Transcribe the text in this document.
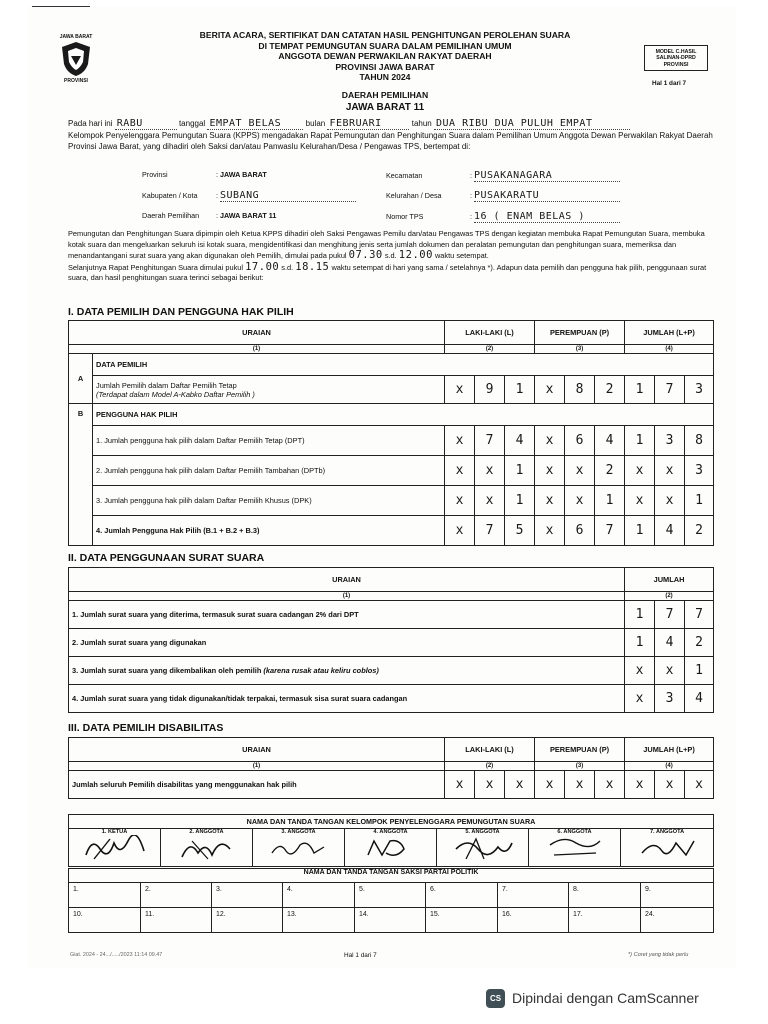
JAWA BARAT
PROVINSI
BERITA ACARA, SERTIFIKAT DAN CATATAN HASIL PENGHITUNGAN PEROLEHAN SUARA
DI TEMPAT PEMUNGUTAN SUARA DALAM PEMILIHAN UMUM
ANGGOTA DEWAN PERWAKILAN RAKYAT DAERAH
PROVINSI JAWA BARAT
TAHUN 2024
DAERAH PEMILIHAN
JAWA BARAT 11
MODEL C.HASIL
SALINAN-DPRD
PROVINSI
Hal 1 dari 7
Pada hari ini RABU	tanggal EMPAT BELAS	bulan FEBRUARI	tahun DUA RIBU DUA PULUH EMPAT
Kelompok Penyelenggara Pemungutan Suara (KPPS) mengadakan Rapat Pemungutan dan Penghitungan Suara dalam Pemilihan Umum Anggota Dewan Perwakilan Rakyat Daerah Provinsi Jawa Barat, yang dihadiri oleh Saksi dan/atau Panwaslu Kelurahan/Desa / Pengawas TPS, bertempat di:
Provinsi	: JAWA BARAT
Kabupaten / Kota	: SUBANG
Daerah Pemilihan : JAWA BARAT 11
Kecamatan	: PUSAKANAGARA
Kelurahan / Desa	: PUSAKARATU
Nomor TPS	: 16 ( ENAM BELAS )
Pemungutan dan Penghitungan Suara dipimpin oleh Ketua KPPS dihadiri oleh Saksi Pengawas Pemilu dan/atau Pengawas TPS dengan kegiatan membuka Rapat Pemungutan Suara, membuka kotak suara dan mengeluarkan seluruh isi kotak suara, mengidentifikasi dan menghitung jenis serta jumlah dokumen dan peralatan pemungutan dan penghitungan suara, memeriksa dan menandantangani surat suara yang akan digunakan oleh Pemilih, dimulai pada pukul 07.30 s.d. 12.00 waktu setempat.
Selanjutnya Rapat Penghitungan Suara dimulai pukul 17.00 s.d. 18.15 waktu setempat di hari yang sama / setelahnya *). Adapun data pemilih dan pengguna hak pilih, penggunaan surat suara, dan hasil penghitungan suara terinci sebagai berikut:
I. DATA PEMILIH DAN PENGGUNA HAK PILIH
URAIAN		LAKI-LAKI (L)			PEREMPUAN (P)			JUMLAH (L+P)		
(1)		(2)			(3)			(4)		
A	DATA PEMILIH									

	Jumlah Pemilih dalam Daftar Pemilih Tetap
(Terdapat dalam Model A-Kabko Daftar Pemilih )	x	9	1	x	8	2	1	7	3
B	PENGGUNA HAK PILIH									
	1. Jumlah pengguna hak pilih dalam Daftar Pemilih Tetap (DPT)	x	7	4	x	6	4	1	3	8
	2. Jumlah pengguna hak pilih dalam Daftar Pemilih Tambahan (DPTb)	x	x	1	x	x	2	x	x	3
	3. Jumlah pengguna hak pilih dalam Daftar Pemilih Khusus (DPK)	x	x	1	x	x	1	x	x	1
	4. Jumlah Pengguna Hak Pilih (B.1 + B.2 + B.3)	x	7	5	x	6	7	1	4	2
II. DATA PENGGUNAAN SURAT SUARA
URAIAN	JUMLAH		
(1)	(2)		
1. Jumlah surat suara yang diterima, termasuk surat suara cadangan 2% dari DPT	1	7	7
2. Jumlah surat suara yang digunakan	1	4	2
3. Jumlah surat suara yang dikembalikan oleh pemilih (karena rusak atau keliru coblos)	x	x	1
4. Jumlah surat suara yang tidak digunakan/tidak terpakai, termasuk sisa surat suara cadangan	x	3	4
III. DATA PEMILIH DISABILITAS
URAIAN	LAKI-LAKI (L)			PEREMPUAN (P)			JUMLAH (L+P)		
(1)	(2)			(3)			(4)		
Jumlah seluruh Pemilih disabilitas yang menggunakan hak pilih	x	x	x	x	x	x	x	x	x
NAMA DAN TANDA TANGAN KELOMPOK PENYELENGGARA PEMUNGUTAN SUARA

1. KETUA	2. ANGGOTA	3. ANGGOTA	4. ANGGOTA	5. ANGGOTA	6. ANGGOTA	7. ANGGOTA
NAMA DAN TANDA TANGAN SAKSI PARTAI POLITIK								
1.	2.	3.	4.	5.	6.	7.	8.	9.
10.	11.	12.	13.	14.	15.	16.	17.	24.
Giat. 2024 - 24.../...../2023 11:14 09.47	Hal 1 dari 7	*) Coret yang tidak perlu
CS Dipindai dengan CamScanner
